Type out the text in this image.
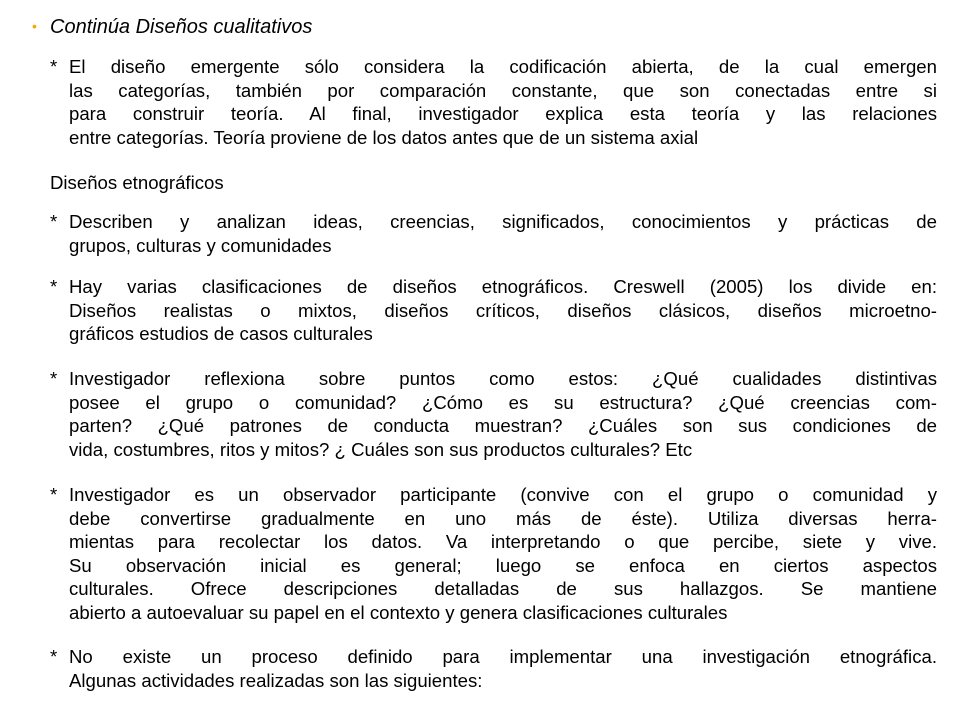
• Continúa Diseños cualitativos
* El diseño emergente sólo considera la codificación abierta, de la cual emergen
las categorías, también por comparación constante, que son conectadas entre si
para construir teoría. Al final, investigador explica esta teoría y las relaciones
entre categorías. Teoría proviene de los datos antes que de un sistema axial
Diseños etnográficos
* Describen y analizan ideas, creencias, significados, conocimientos y prácticas de
grupos, culturas y comunidades
* Hay varias clasificaciones de diseños etnográficos. Creswell (2005) los divide en:
Diseños realistas o mixtos, diseños críticos, diseños clásicos, diseños microetno-
gráficos estudios de casos culturales
* Investigador reflexiona sobre puntos como estos: ¿Qué cualidades distintivas
posee el grupo o comunidad? ¿Cómo es su estructura? ¿Qué creencias com-
parten? ¿Qué patrones de conducta muestran? ¿Cuáles son sus condiciones de
vida, costumbres, ritos y mitos? ¿ Cuáles son sus productos culturales? Etc
* Investigador es un observador participante (convive con el grupo o comunidad y
debe convertirse gradualmente en uno más de éste). Utiliza diversas herra-
mientas para recolectar los datos. Va interpretando o que percibe, siete y vive.
Su observación inicial es general; luego se enfoca en ciertos aspectos
culturales. Ofrece descripciones detalladas de sus hallazgos. Se mantiene
abierto a autoevaluar su papel en el contexto y genera clasificaciones culturales
* No existe un proceso definido para implementar una investigación etnográfica.
Algunas actividades realizadas son las siguientes:
